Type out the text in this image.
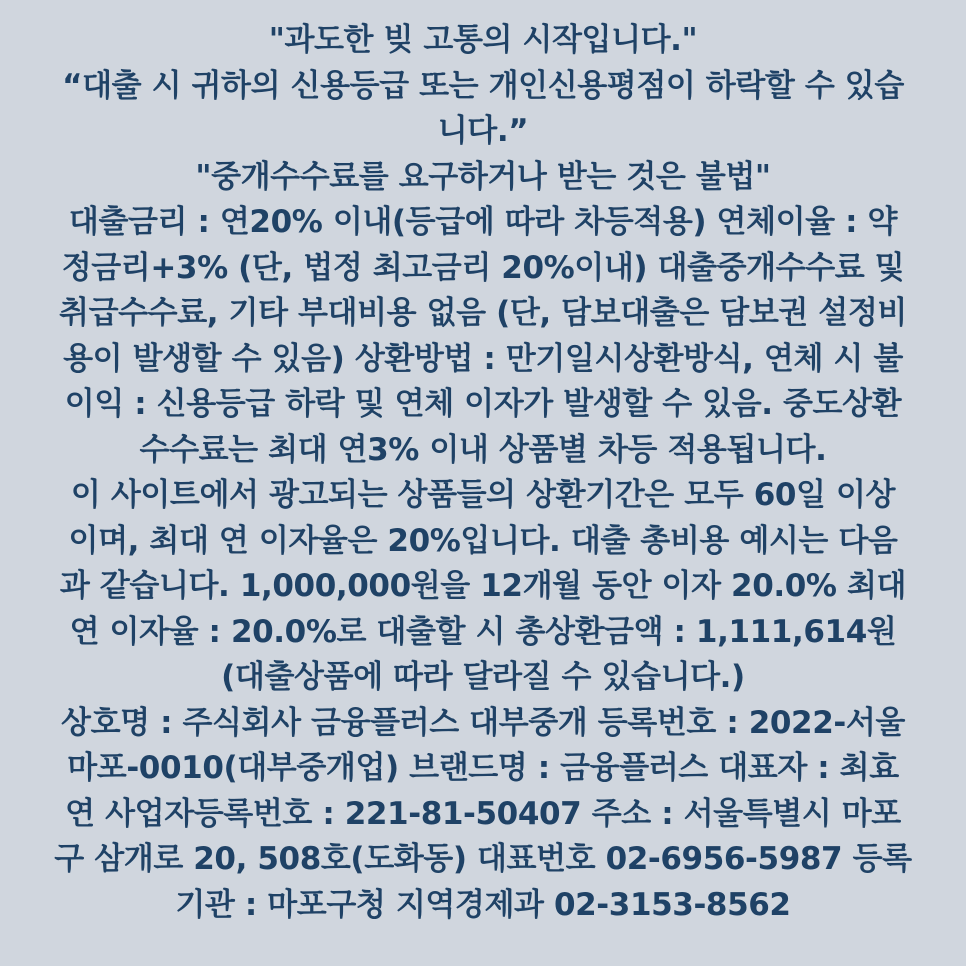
"과도한 빚 고통의 시작입니다."
“대출 시 귀하의 신용등급 또는 개인신용평점이 하락할 수 있습
니다.”
"중개수수료를 요구하거나 받는 것은 불법"
대출금리 : 연20% 이내(등급에 따라 차등적용) 연체이율 : 약
정금리+3% (단, 법정 최고금리 20%이내) 대출중개수수료 및
취급수수료, 기타 부대비용 없음 (단, 담보대출은 담보권 설정비
용이 발생할 수 있음) 상환방법 : 만기일시상환방식, 연체 시 불
이익 : 신용등급 하락 및 연체 이자가 발생할 수 있음. 중도상환
수수료는 최대 연3% 이내 상품별 차등 적용됩니다.
이 사이트에서 광고되는 상품들의 상환기간은 모두 60일 이상
이며, 최대 연 이자율은 20%입니다. 대출 총비용 예시는 다음
과 같습니다. 1,000,000원을 12개월 동안 이자 20.0% 최대
연 이자율 : 20.0%로 대출할 시 총상환금액 : 1,111,614원
(대출상품에 따라 달라질 수 있습니다.)
상호명 : 주식회사 금융플러스 대부중개 등록번호 : 2022-서울
마포-0010(대부중개업) 브랜드명 : 금융플러스 대표자 : 최효
연 사업자등록번호 : 221-81-50407 주소 : 서울특별시 마포
구 삼개로 20, 508호(도화동) 대표번호 02-6956-5987 등록
기관 : 마포구청 지역경제과 02-3153-8562
